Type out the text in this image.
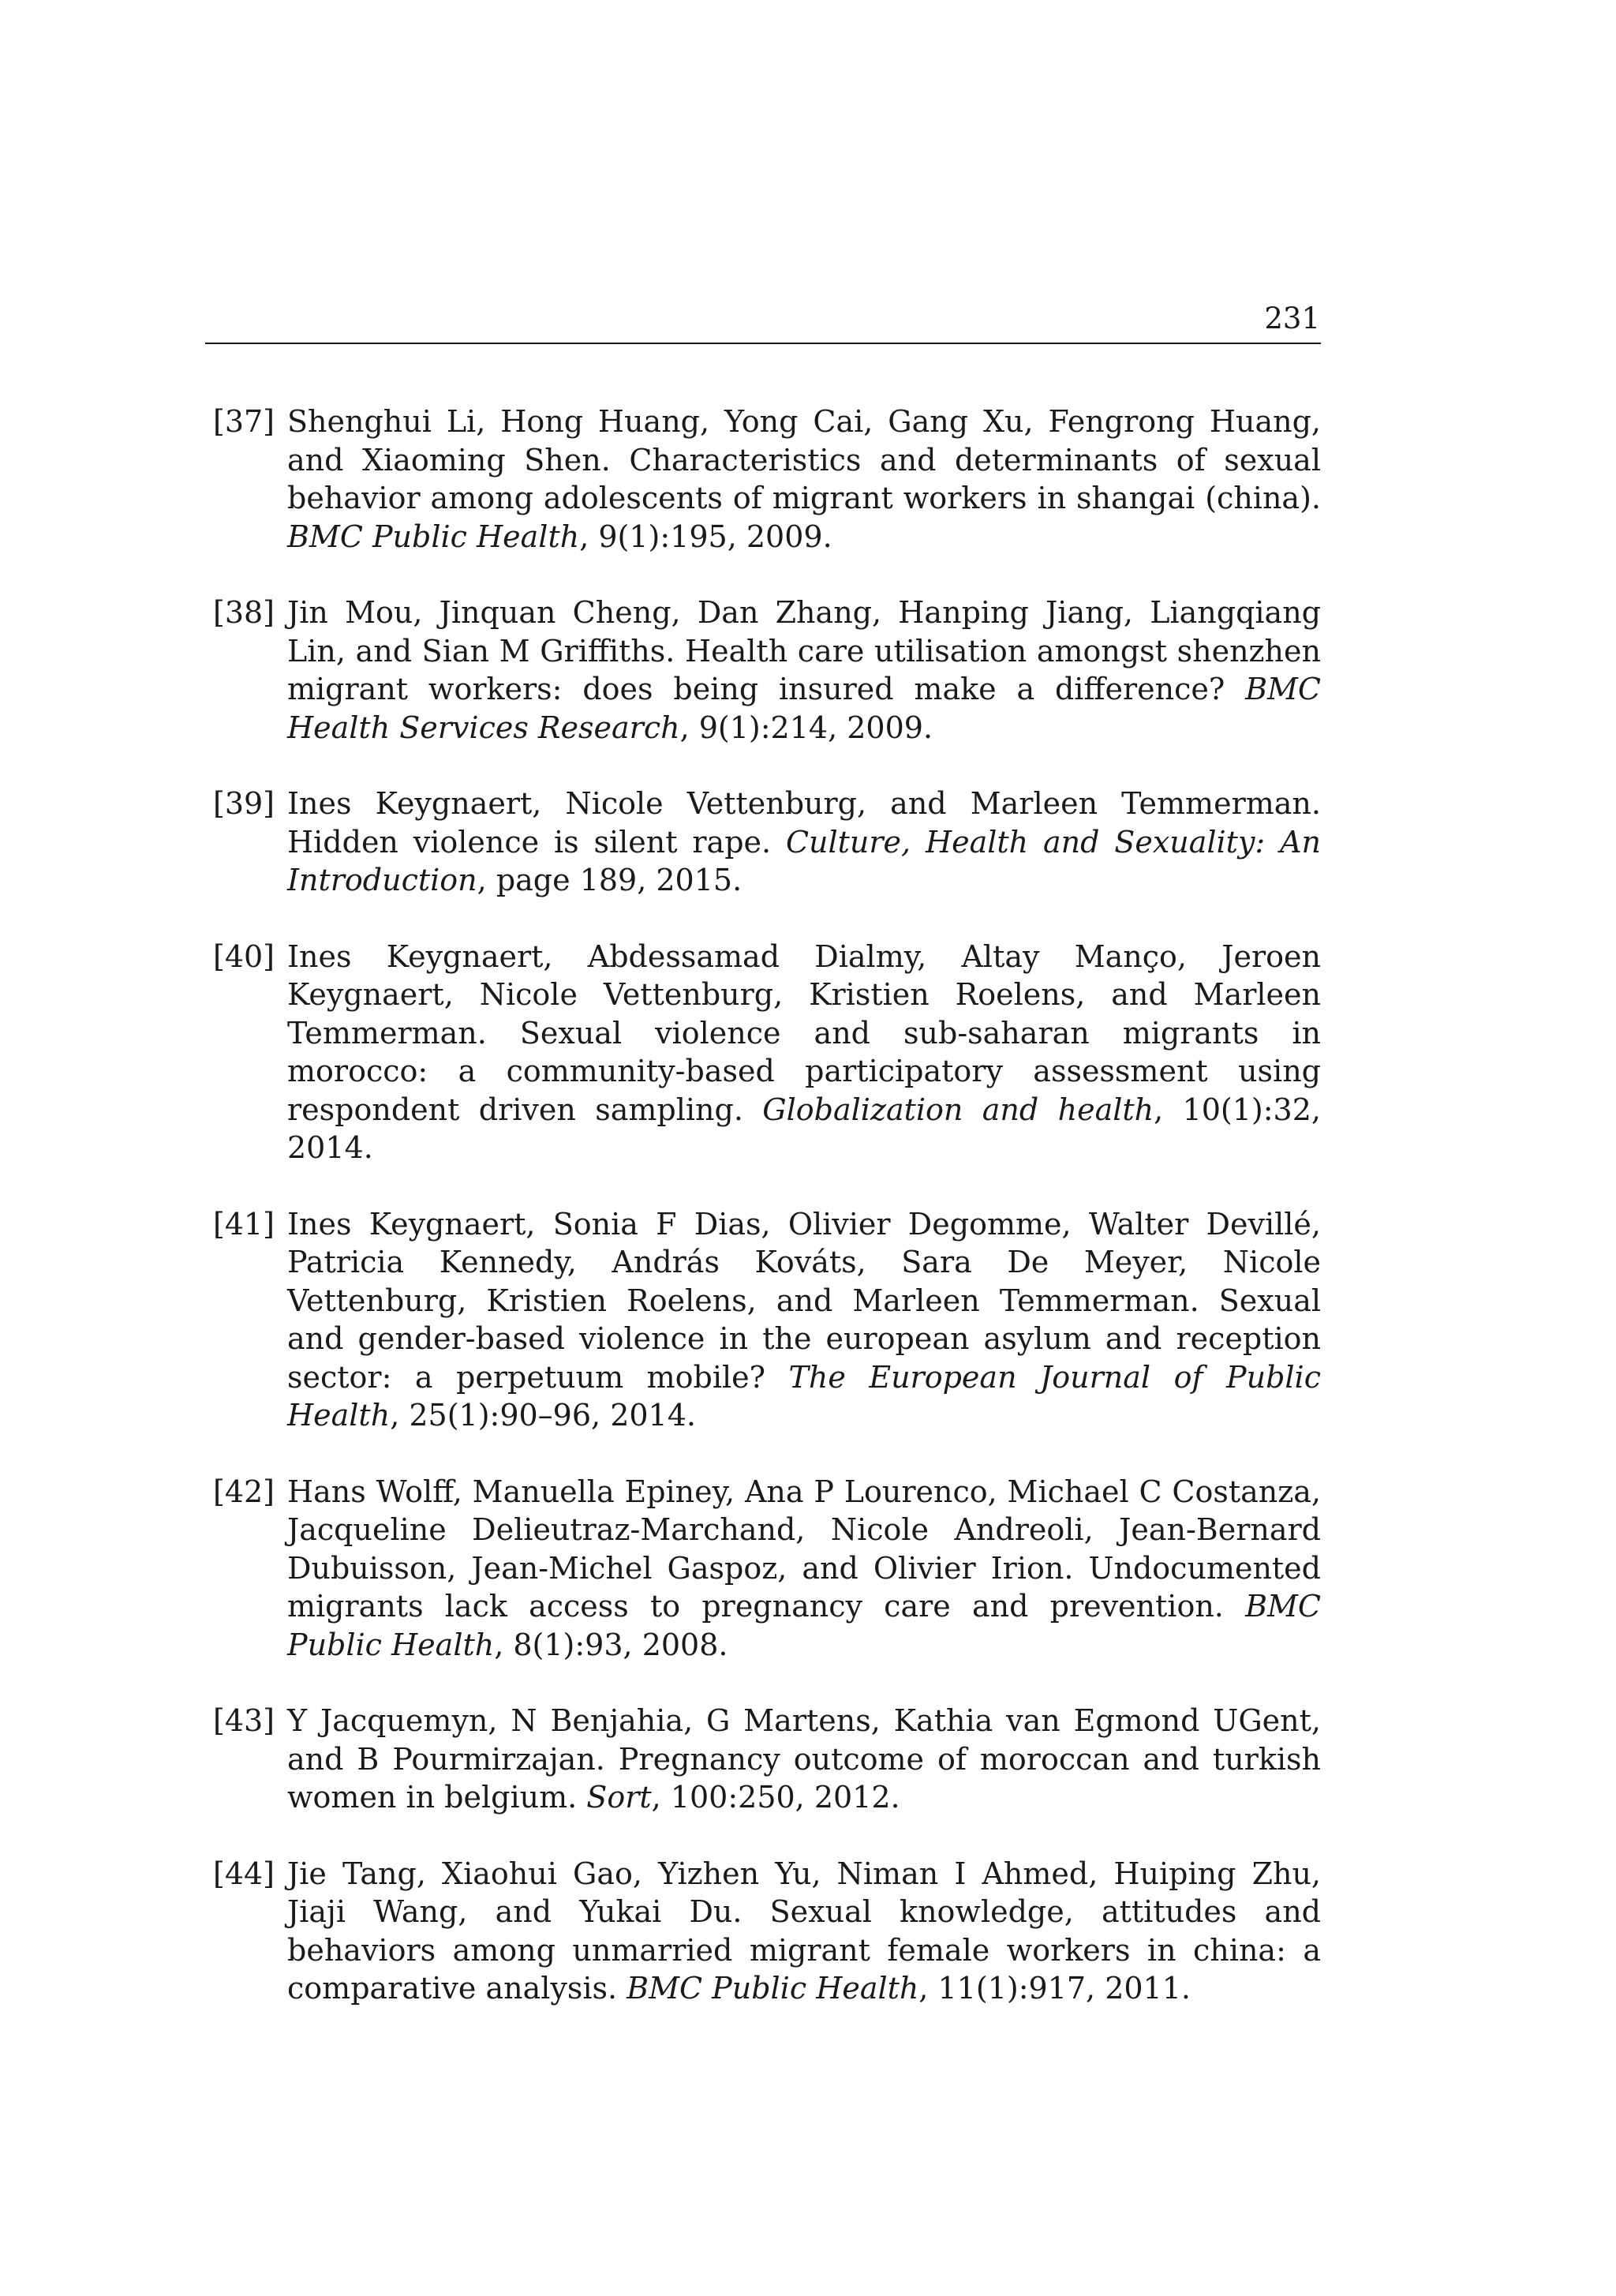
231
[37] Shenghui Li, Hong Huang, Yong Cai, Gang Xu, Fengrong Huang, and Xiaoming Shen. Characteristics and determinants of sexual behavior among adolescents of migrant workers in shangai (china). BMC Public Health, 9(1):195, 2009.
[38] Jin Mou, Jinquan Cheng, Dan Zhang, Hanping Jiang, Liangqiang Lin, and Sian M Griffiths. Health care utilisation amongst shenzhen migrant workers: does being insured make a difference? BMC Health Services Research, 9(1):214, 2009.
[39] Ines Keygnaert, Nicole Vettenburg, and Marleen Temmerman. Hidden violence is silent rape. Culture, Health and Sexuality: An Introduction, page 189, 2015.
[40] Ines Keygnaert, Abdessamad Dialmy, Altay Manço, Jeroen Keygnaert, Nicole Vettenburg, Kristien Roelens, and Marleen Temmerman. Sexual violence and sub-saharan migrants in morocco: a community-based participatory assessment using respondent driven sampling. Globalization and health, 10(1):32, 2014.
[41] Ines Keygnaert, Sonia F Dias, Olivier Degomme, Walter Devillé, Patricia Kennedy, András Kováts, Sara De Meyer, Nicole Vettenburg, Kristien Roelens, and Marleen Temmerman. Sexual and gender-based violence in the european asylum and reception sector: a perpetuum mobile? The European Journal of Public Health, 25(1):90–96, 2014.
[42] Hans Wolff, Manuella Epiney, Ana P Lourenco, Michael C Costanza, Jacqueline Delieutraz-Marchand, Nicole Andreoli, Jean-Bernard Dubuisson, Jean-Michel Gaspoz, and Olivier Irion. Undocumented migrants lack access to pregnancy care and prevention. BMC Public Health, 8(1):93, 2008.
[43] Y Jacquemyn, N Benjahia, G Martens, Kathia van Egmond UGent, and B Pourmirzajan. Pregnancy outcome of moroccan and turkish women in belgium. Sort, 100:250, 2012.
[44] Jie Tang, Xiaohui Gao, Yizhen Yu, Niman I Ahmed, Huiping Zhu, Jiaji Wang, and Yukai Du. Sexual knowledge, attitudes and behaviors among unmarried migrant female workers in china: a comparative analysis. BMC Public Health, 11(1):917, 2011.
